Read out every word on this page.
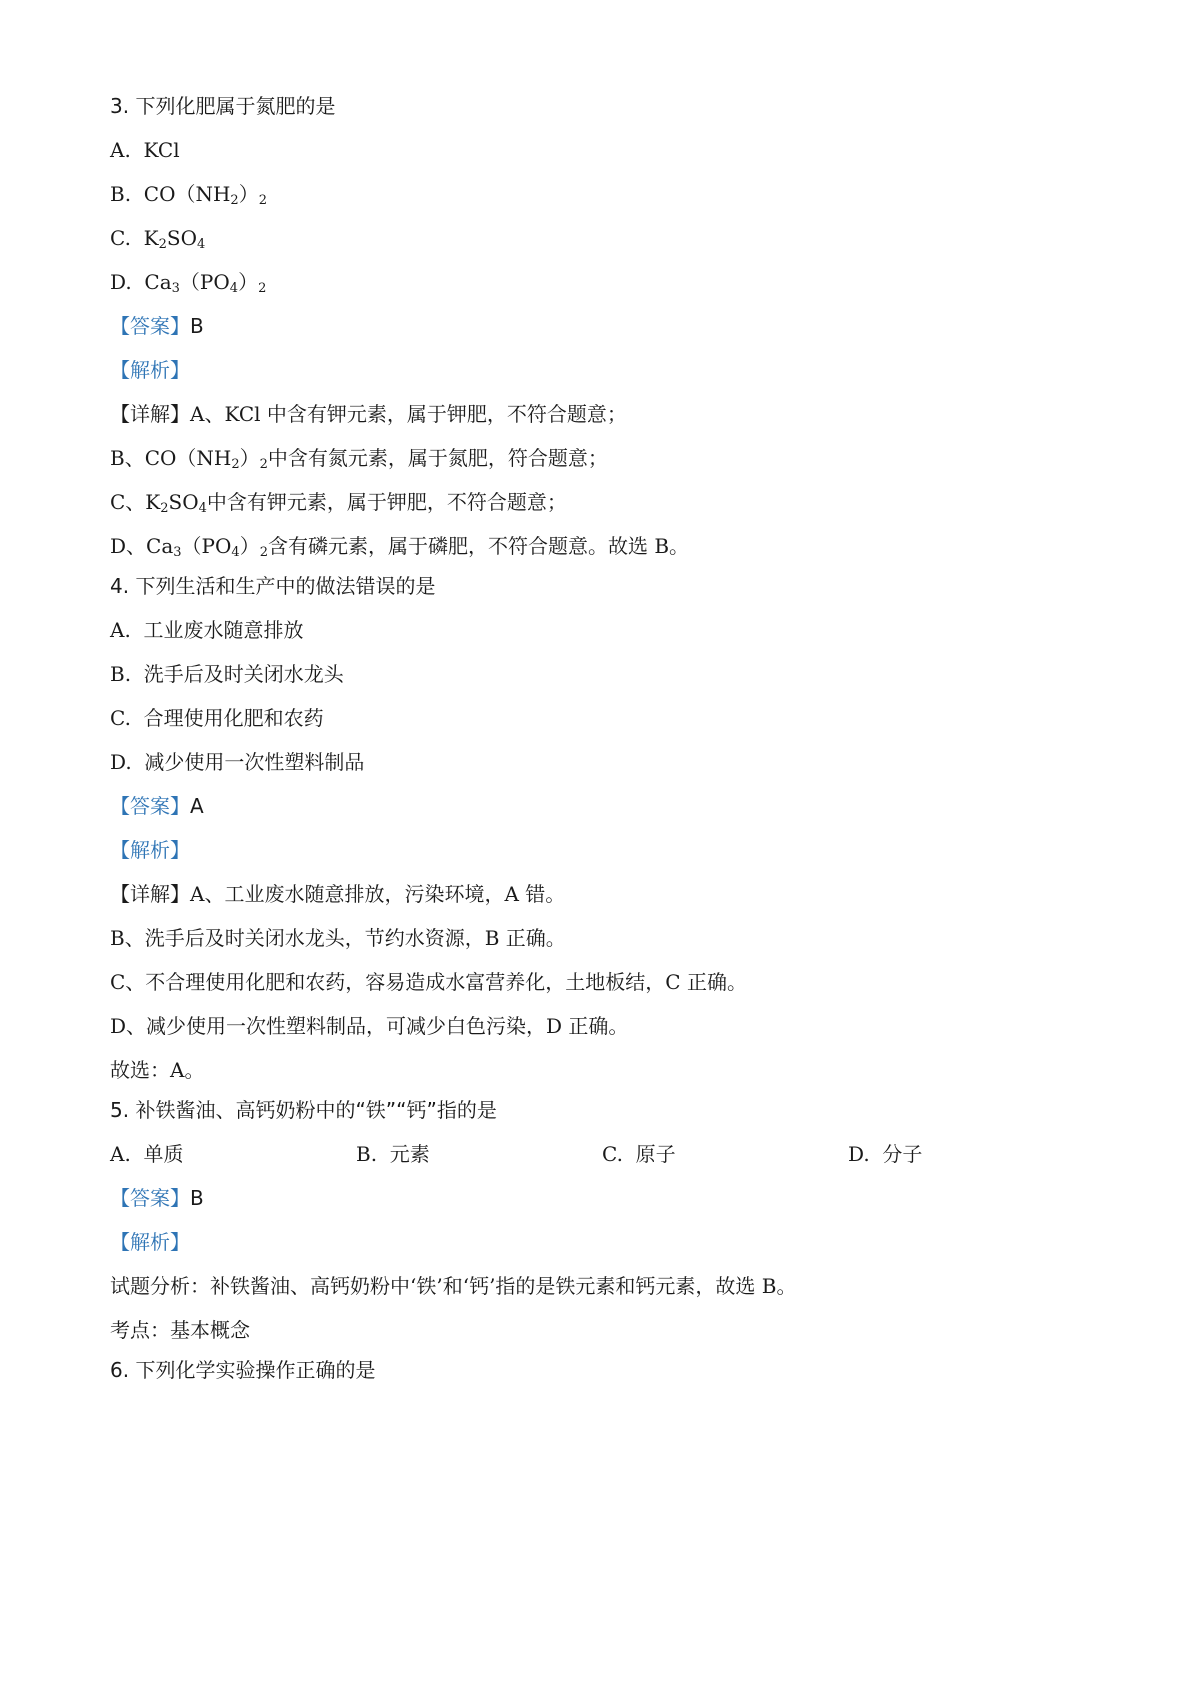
3. 下列化肥属于氮肥的是
A. KCl
B. $CO(NH_2)_2$
C. $K_2SO_4$
D. $Ca_3(PO_4)_2$
【答案】B
【解析】
【详解】A、KCl 中含有钾元素，属于钾肥，不符合题意；
B、$CO(NH_2)_2$中含有氮元素，属于氮肥，符合题意；
C、$K_2SO_4$中含有钾元素，属于钾肥，不符合题意；
D、$Ca_3(PO_4)_2$含有磷元素，属于磷肥，不符合题意。故选 B。
4. 下列生活和生产中的做法错误的是
A. 工业废水随意排放
B. 洗手后及时关闭水龙头
C. 合理使用化肥和农药
D. 减少使用一次性塑料制品
【答案】A
【解析】
【详解】A、工业废水随意排放，污染环境，A 错。
B、洗手后及时关闭水龙头，节约水资源，B 正确。
C、不合理使用化肥和农药，容易造成水富营养化，土地板结，C 正确。
D、减少使用一次性塑料制品，可减少白色污染，D 正确。
故选：A。
5. 补铁酱油、高钙奶粉中的“铁”“钙”指的是
A. 单质	B. 元素	C. 原子	D. 分子
【答案】B
【解析】
试题分析：补铁酱油、高钙奶粉中‘铁’和‘钙’指的是铁元素和钙元素，故选 B。
考点：基本概念
6. 下列化学实验操作正确的是
